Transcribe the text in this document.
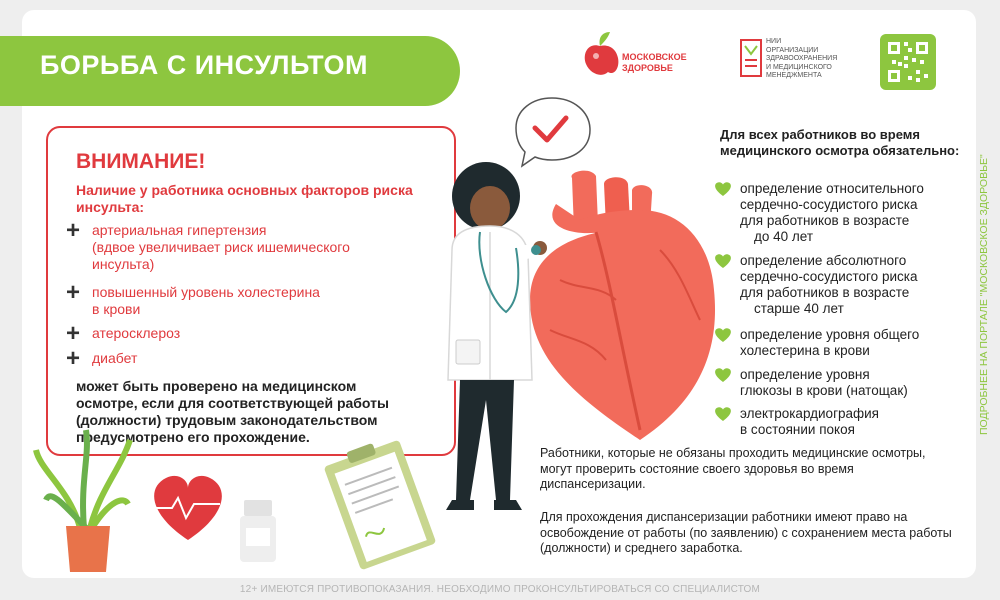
БОРЬБА С ИНСУЛЬТОМ	МОСКОВСКОЕ
ЗДОРОВЬЕ
НИИ
ОРГАНИЗАЦИИ
ЗДРАВООХРАНЕНИЯ
И МЕДИЦИНСКОГО
МЕНЕДЖМЕНТА
ВНИМАНИЕ!
Наличие у работника основных факторов риска инсульта:
+ артериальная гипертензия
(вдвое увеличивает риск ишемического
инсульта)
+ повышенный уровень холестерина
в крови
+ атеросклероз
+ диабет
может быть проверено на медицинском осмотре, если для соответствующей работы (должности) трудовым законодательством предусмотрено его прохождение.
Для всех работников во время медицинского осмотра обязательно:
определение относительного
сердечно-сосудистого риска
для работников в возрасте
до 40 лет
определение абсолютного
сердечно-сосудистого риска
для работников в возрасте
старше 40 лет
определение уровня общего
холестерина в крови
определение уровня
глюкозы в крови (натощак)
электрокардиография
в состоянии покоя
Работники, которые не обязаны проходить медицинские осмотры, могут проверить состояние своего здоровья во время диспансеризации.
Для прохождения диспансеризации работники имеют право на освобождение от работы (по заявлению) с сохранением места работы (должности) и среднего заработка.
ПОДРОБНЕЕ НА ПОРТАЛЕ "МОСКОВСКОЕ ЗДОРОВЬЕ"
12+ ИМЕЮТСЯ ПРОТИВОПОКАЗАНИЯ. НЕОБХОДИМО ПРОКОНСУЛЬТИРОВАТЬСЯ СО СПЕЦИАЛИСТОМ
